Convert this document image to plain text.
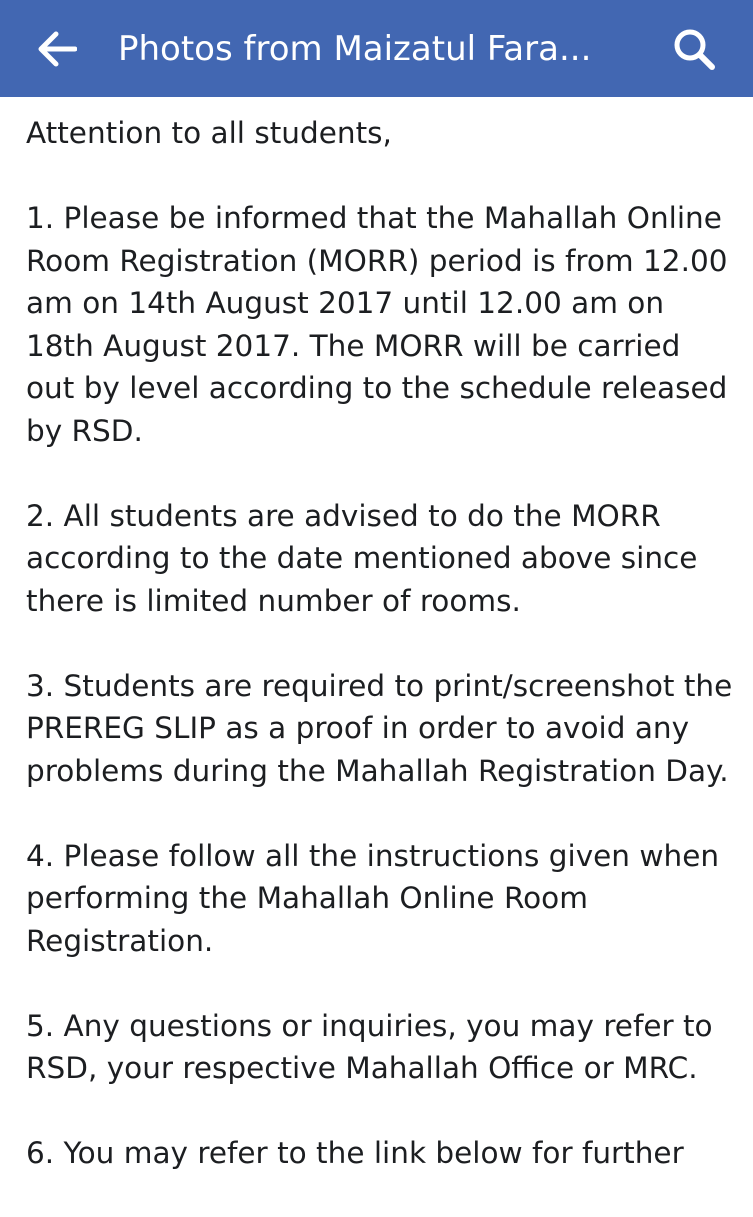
Photos from Maizatul Fara...

Attention to all students,

1. Please be informed that the Mahallah Online Room Registration (MORR) period is from 12.00 am on 14th August 2017 until 12.00 am on 18th August 2017. The MORR will be carried out by level according to the schedule released by RSD.

2. All students are advised to do the MORR according to the date mentioned above since there is limited number of rooms.

3. Students are required to print/screenshot the PREREG SLIP as a proof in order to avoid any problems during the Mahallah Registration Day.

4. Please follow all the instructions given when performing the Mahallah Online Room Registration.

5. Any questions or inquiries, you may refer to RSD, your respective Mahallah Office or MRC.

6. You may refer to the link below for further
